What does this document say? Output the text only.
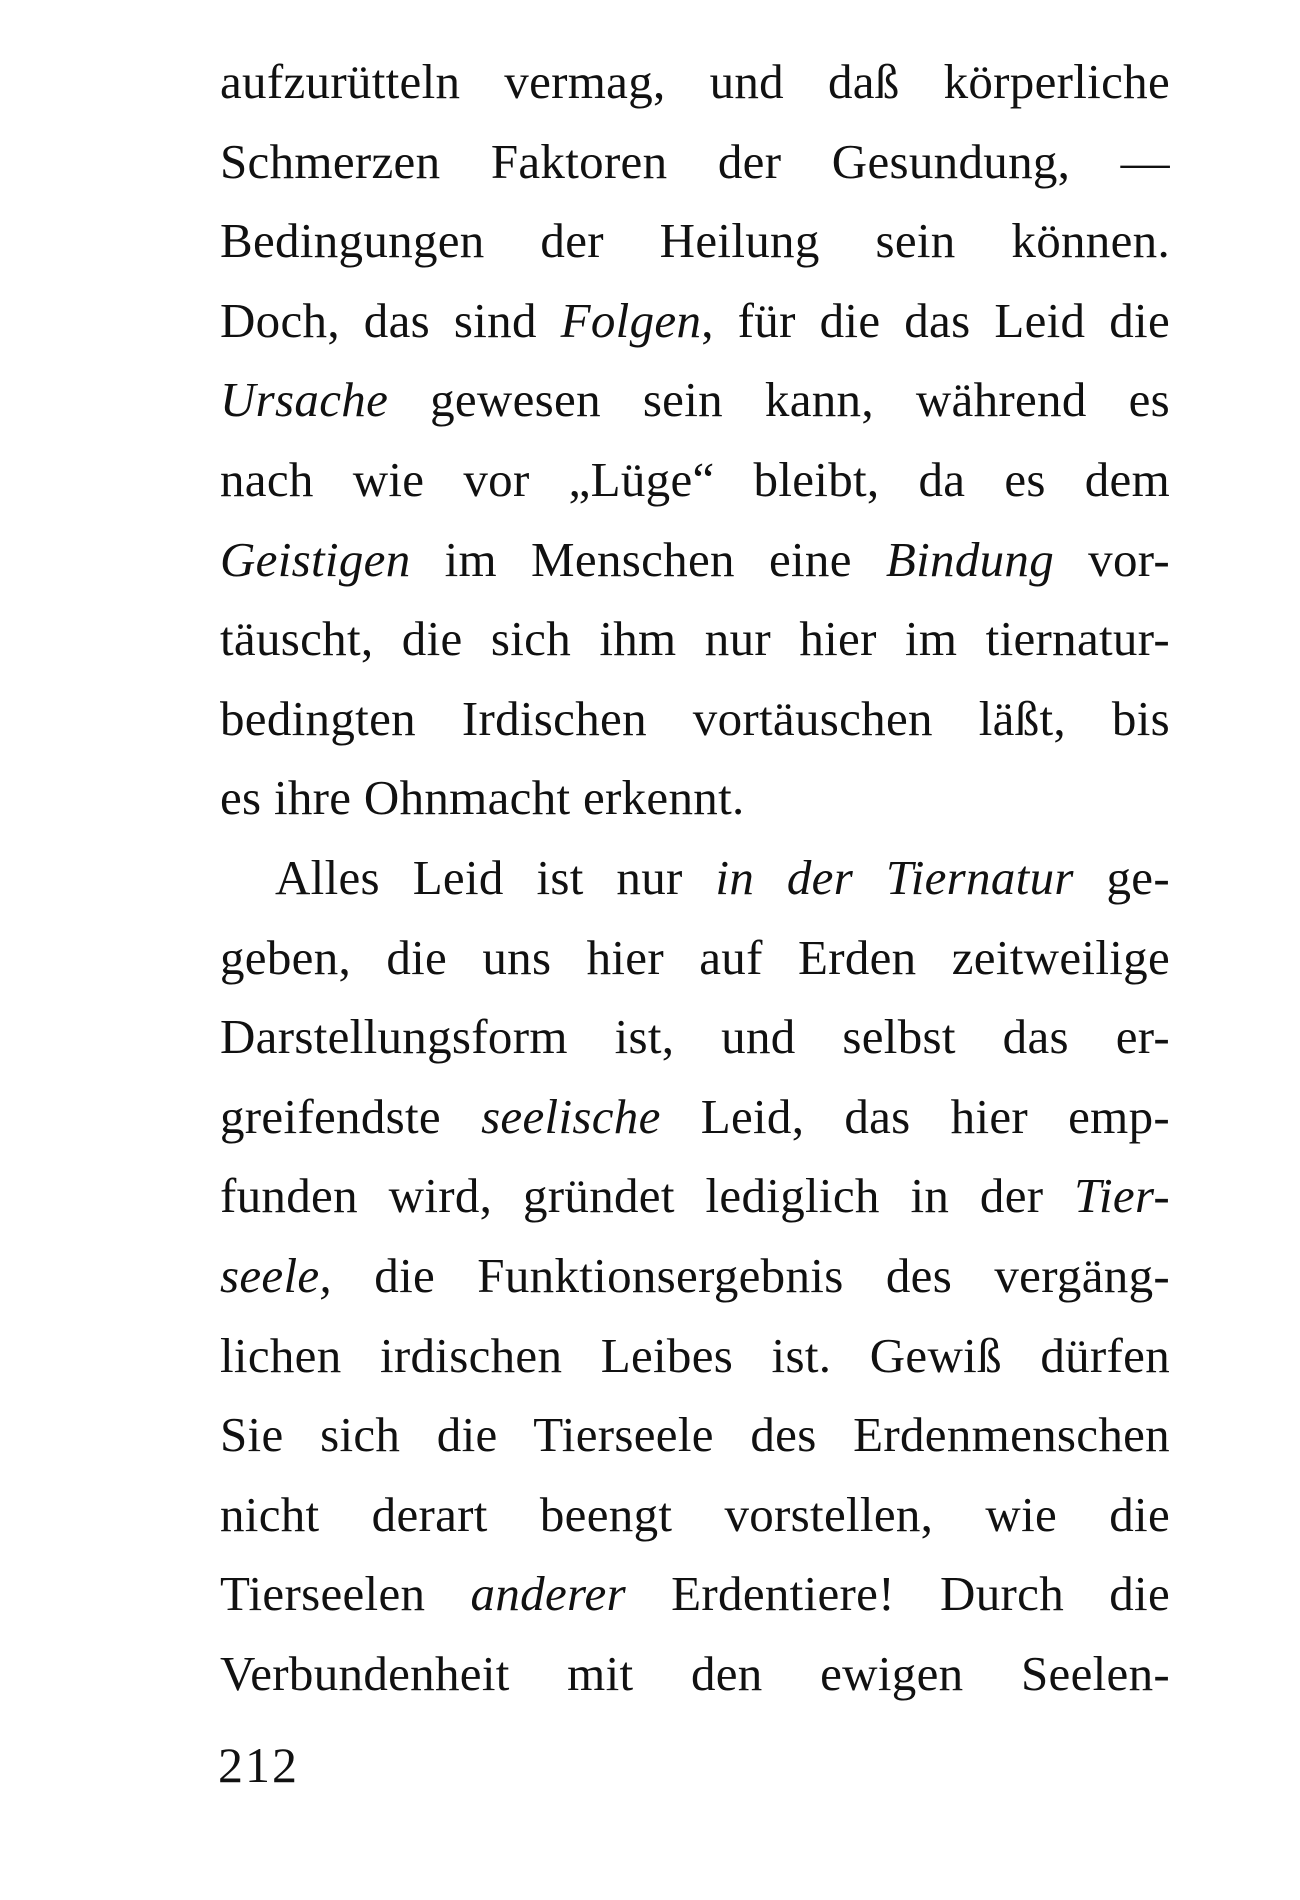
aufzurütteln vermag, und daß körperliche
Schmerzen Faktoren der Gesundung, —
Bedingungen der Heilung sein können.
Doch, das sind Folgen, für die das Leid die
Ursache gewesen sein kann, während es
nach wie vor „Lüge“ bleibt, da es dem
Geistigen im Menschen eine Bindung vor-
täuscht, die sich ihm nur hier im tiernatur-
bedingten Irdischen vortäuschen läßt, bis
es ihre Ohnmacht erkennt.
Alles Leid ist nur in der Tiernatur ge-
geben, die uns hier auf Erden zeitweilige
Darstellungsform ist, und selbst das er-
greifendste seelische Leid, das hier emp-
funden wird, gründet lediglich in der Tier-
seele, die Funktionsergebnis des vergäng-
lichen irdischen Leibes ist. Gewiß dürfen
Sie sich die Tierseele des Erdenmenschen
nicht derart beengt vorstellen, wie die
Tierseelen anderer Erdentiere! Durch die
Verbundenheit mit den ewigen Seelen-
212
